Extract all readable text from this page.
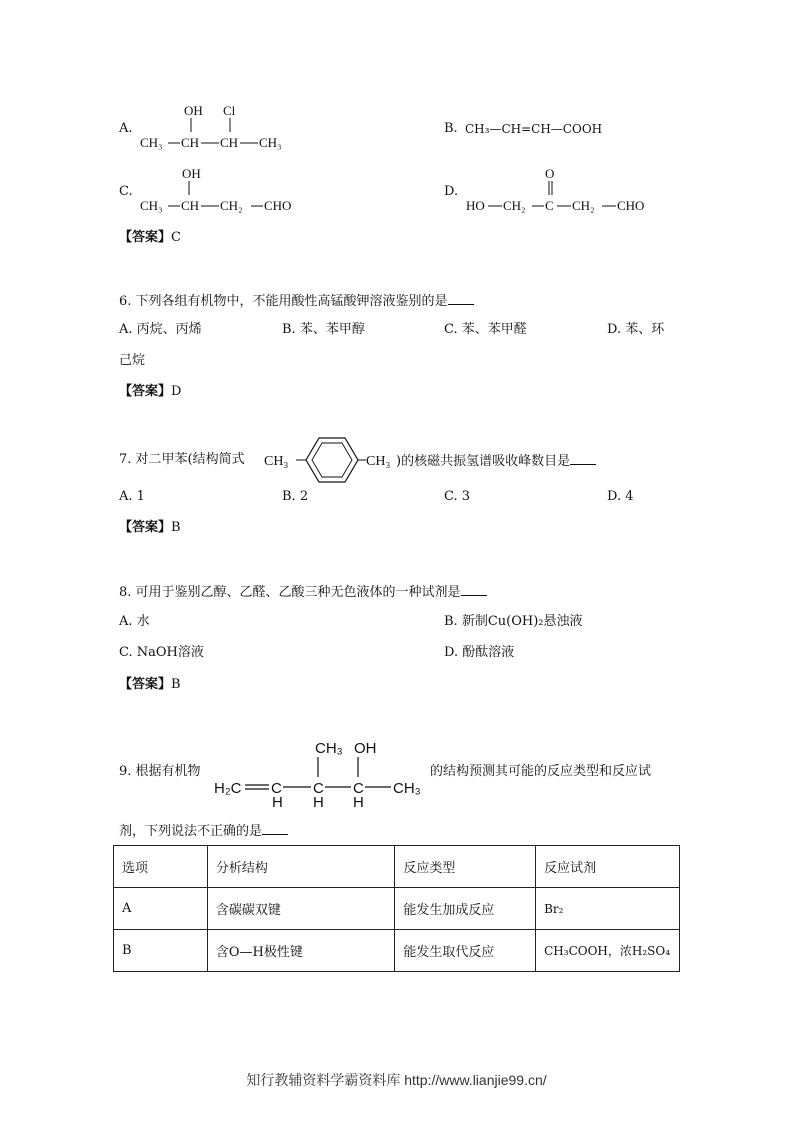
A.
OH Cl
CH₃ CH CH CH₃
B. CH₃—CH=CH—COOH
C.
OH
CH₃ CH CH₂ CHO
D.
O
HO CH₂ C CH₂ CHO
【答案】C
6. 下列各组有机物中，不能用酸性高锰酸钾溶液鉴别的是
A. 丙烷、丙烯	B. 苯、苯甲醇	C. 苯、苯甲醛	D. 苯、环
己烷
【答案】D
7. 对二甲苯(结构简式 CH₃	CH₃ )的核磁共振氢谱吸收峰数目是
A. 1	B. 2	C. 3	D. 4
【答案】B
8. 可用于鉴别乙醇、乙醛、乙酸三种无色液体的一种试剂是
A. 水	B. 新制Cu(OH)₂悬浊液
C. NaOH溶液	D. 酚酞溶液
【答案】B
9. 根据有机物
CH₃ OH
H₂C C C C CH₃
H H H
的结构预测其可能的反应类型和反应试
剂，下列说法不正确的是
选项	分析结构	反应类型	反应试剂
A	含碳碳双键	能发生加成反应	Br₂
B	含O—H极性键	能发生取代反应	CH₃COOH，浓H₂SO₄
知行教辅资料学霸资料库 http://www.lianjie99.cn/
